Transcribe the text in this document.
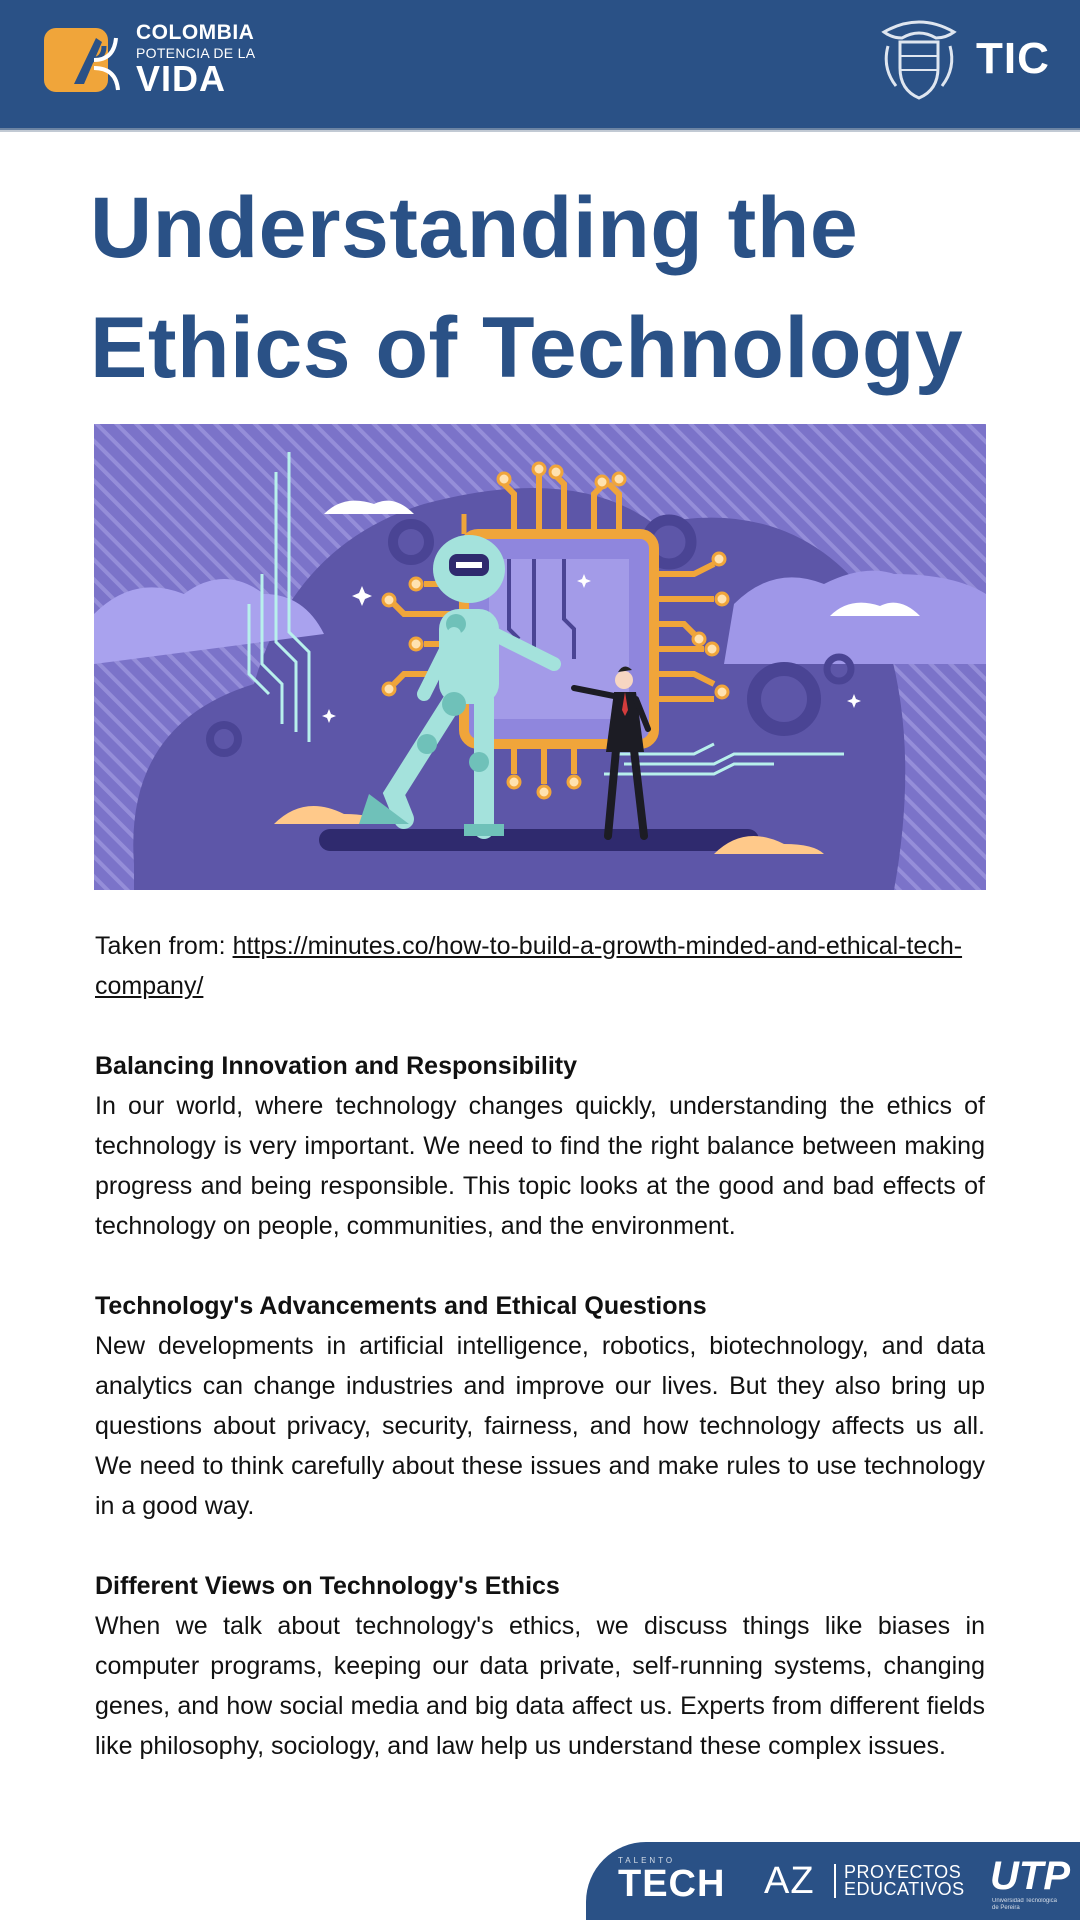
COLOMBIA
POTENCIA DE LA
VIDA	TIC
Understanding the
Ethics of Technology
Taken from: https://minutes.co/how-to-build-a-growth-minded-and-ethical-tech-company/
Balancing Innovation and Responsibility

In our world, where technology changes quickly, understanding the ethics of technology is very important. We need to find the right balance between making progress and being responsible. This topic looks at the good and bad effects of technology on people, communities, and the environment.

Technology's Advancements and Ethical Questions

New developments in artificial intelligence, robotics, biotechnology, and data analytics can change industries and improve our lives. But they also bring up questions about privacy, security, fairness, and how technology affects us all. We need to think carefully about these issues and make rules to use technology in a good way.

Different Views on Technology's Ethics

When we talk about technology's ethics, we discuss things like biases in computer programs, keeping our data private, self-running systems, changing genes, and how social media and big data affect us. Experts from different fields like philosophy, sociology, and law help us understand these complex issues.

TALENTO
TECH AZ PROYECTOS
EDUCATIVOS UTP
Universidad Tecnológica de Pereira
